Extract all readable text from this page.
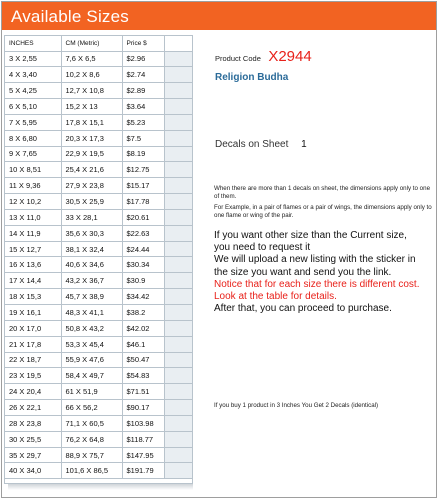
Available Sizes
INCHES	CM (Metric)	Price $	
3 X 2,55	7,6 X 6,5	$2.96	
4 X 3,40	10,2 X 8,6	$2.74	
5 X 4,25	12,7 X 10,8	$2.89	
6 X 5,10	15,2 X 13	$3.64	
7 X 5,95	17,8 X 15,1	$5.23	
8 X 6,80	20,3 X 17,3	$7.5	
9 X 7,65	22,9 X 19,5	$8.19	
10 X 8,51	25,4 X 21,6	$12.75	
11 X 9,36	27,9 X 23,8	$15.17	
12 X 10,2	30,5 X 25,9	$17.78	
13 X 11,0	33 X 28,1	$20.61	
14 X 11,9	35,6 X 30,3	$22.63	
15 X 12,7	38,1 X 32,4	$24.44	
16 X 13,6	40,6 X 34,6	$30.34	
17 X 14,4	43,2 X 36,7	$30.9	
18 X 15,3	45,7 X 38,9	$34.42	
19 X 16,1	48,3 X 41,1	$38.2	
20 X 17,0	50,8 X 43,2	$42.02	
21 X 17,8	53,3 X 45,4	$46.1	
22 X 18,7	55,9 X 47,6	$50.47	
23 X 19,5	58,4 X 49,7	$54.83	
24 X 20,4	61 X 51,9	$71.51	
26 X 22,1	66 X 56,2	$90.17	
28 X 23,8	71,1 X 60,5	$103.98	
30 X 25,5	76,2 X 64,8	$118.77	
35 X 29,7	88,9 X 75,7	$147.95	
40 X 34,0	101,6 X 86,5	$191.79	
Product Code X2944
Religion Budha
Decals on Sheet 1

When there are more than 1 decals on sheet, the dimensions apply only to one of them.

For Example, in a pair of flames or a pair of wings, the dimensions apply only to one flame or wing of the pair.

If you want other size than the Current size,

you need to request it

We will upload a new listing with the sticker in

the size you want and send you the link.

Notice that for each size there is different cost.

Look at the table for details.

After that, you can proceed to purchase.

If you buy 1 product in 3 Inches You Get 2 Decals (identical)
